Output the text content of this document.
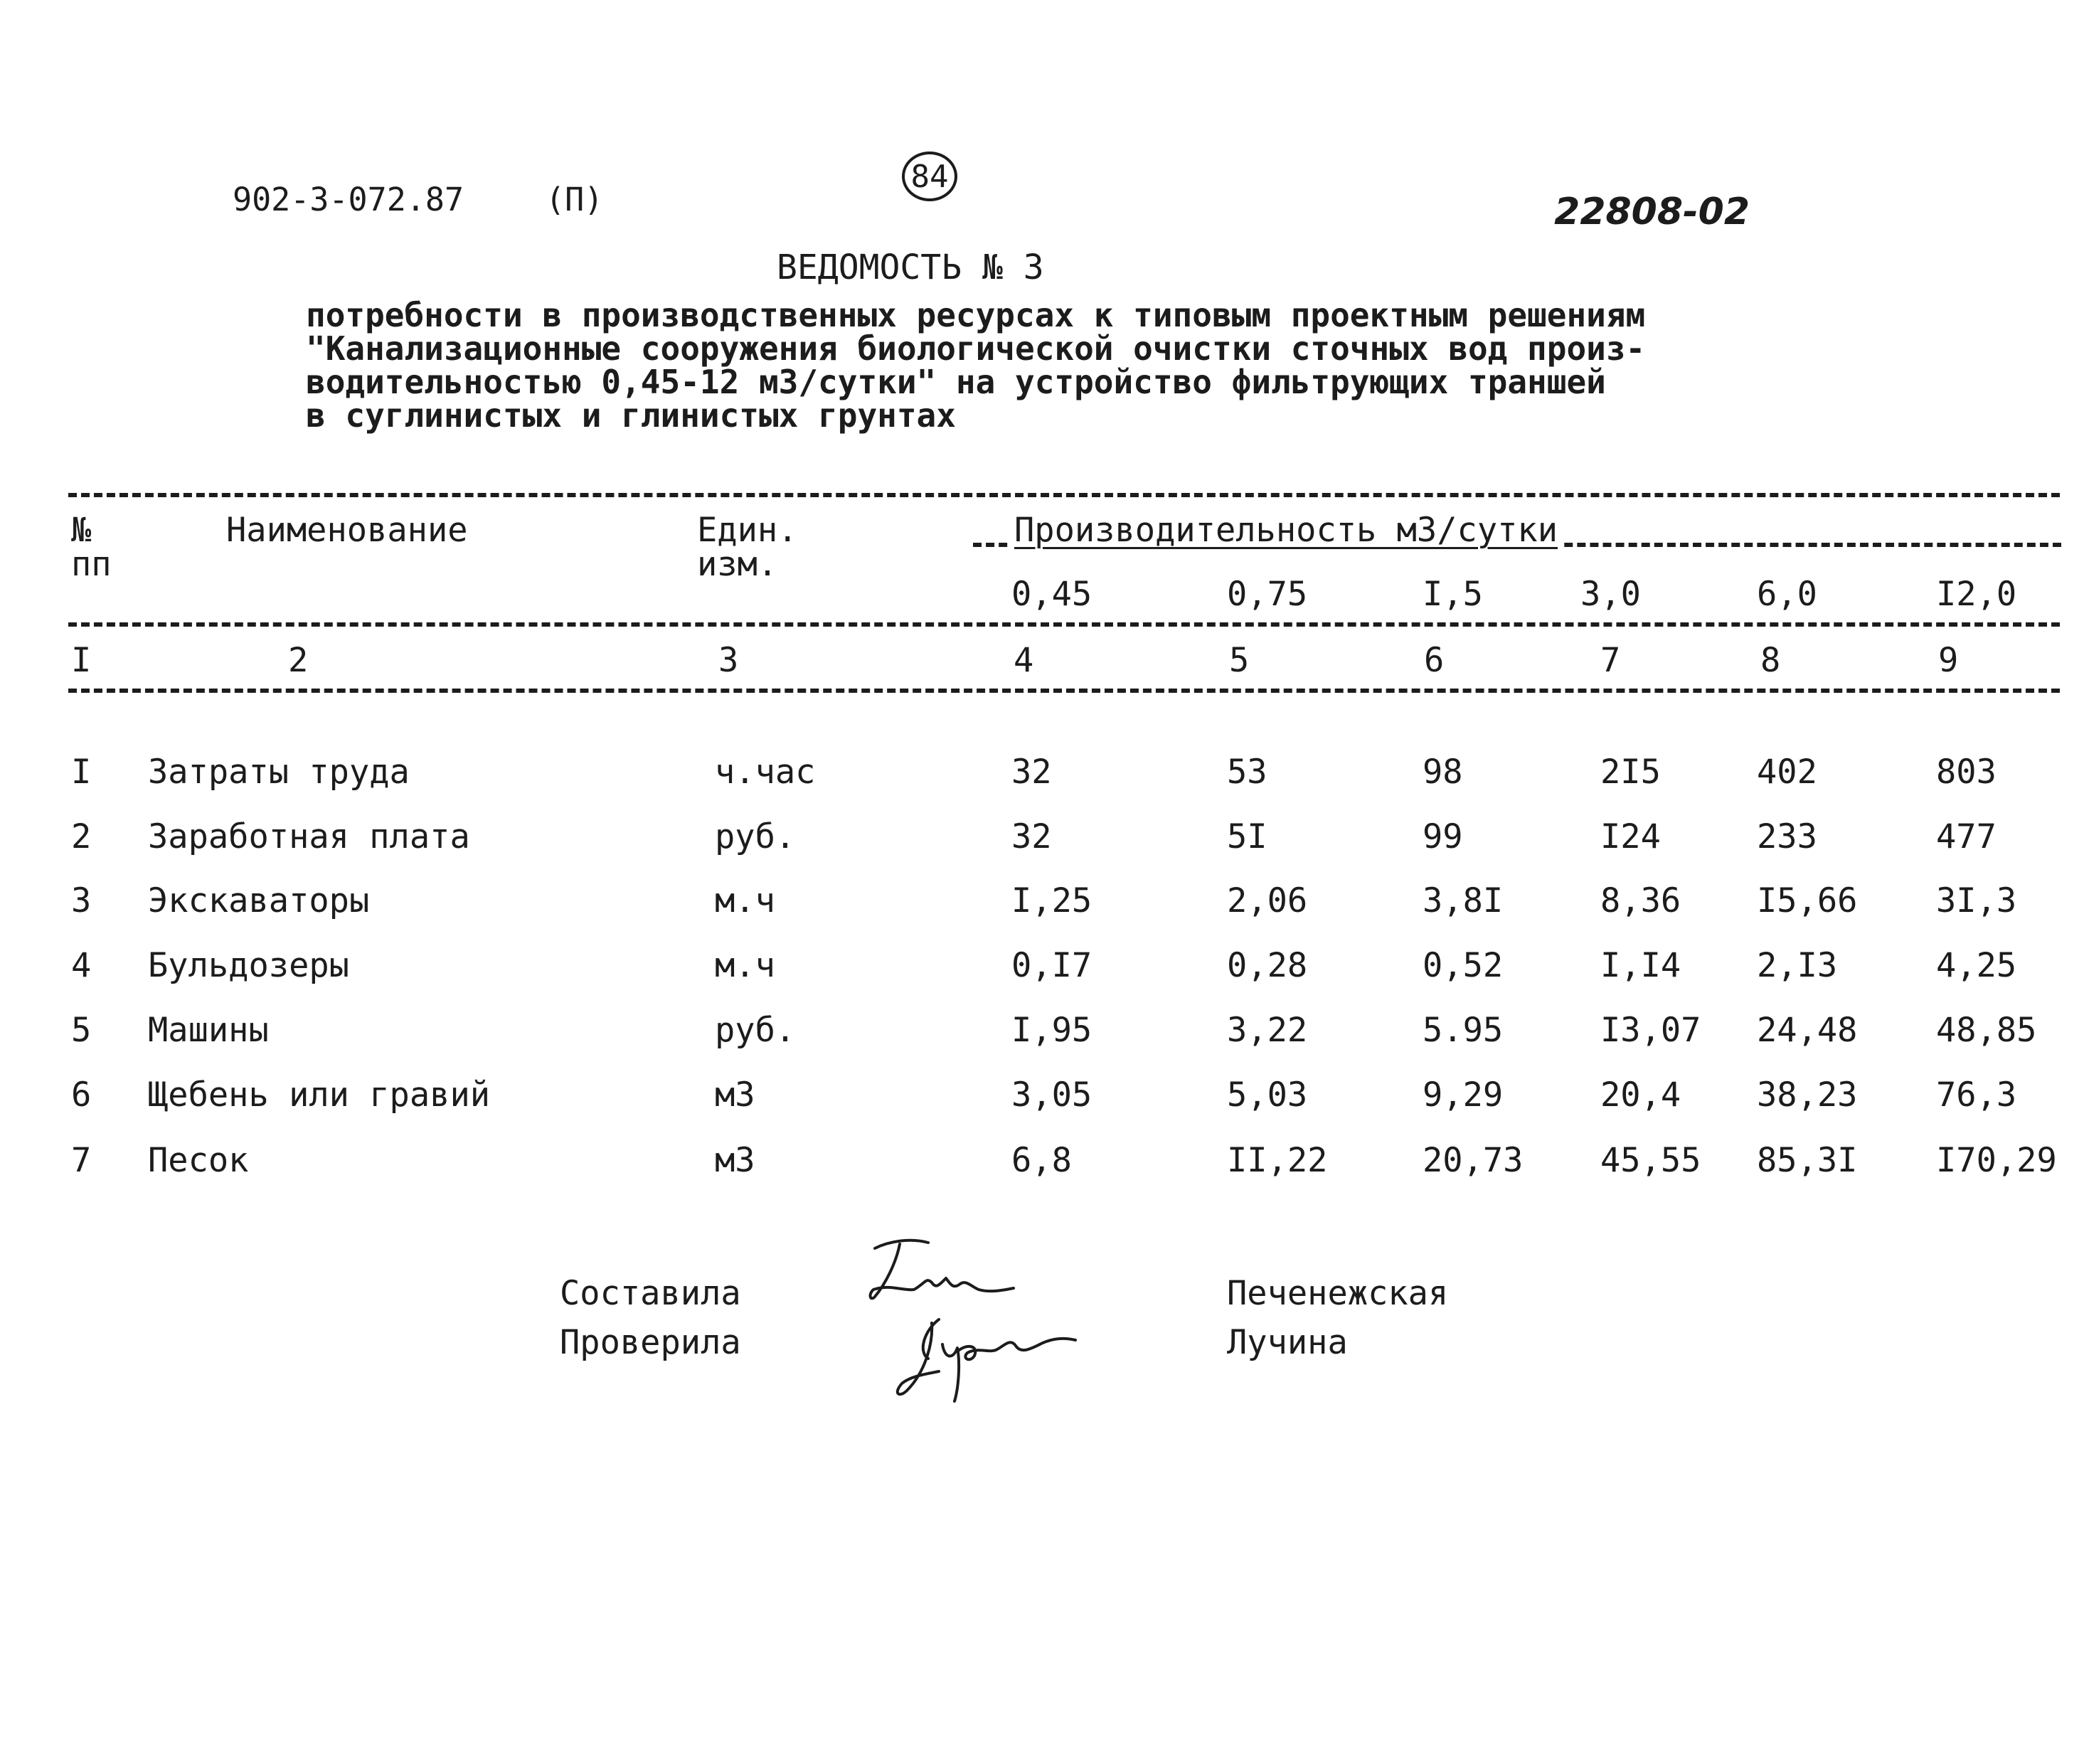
902-3-072.87	(П)
84
22808-02
ВЕДОМОСТЬ № 3
потребности в производственных ресурсах к типовым проектным решениям
"Канализационные сооружения биологической очистки сточных вод произ-
водительностью 0,45-12 м3/сутки" на устройство фильтрующих траншей
в суглинистых и глинистых грунтах
№
пп
Наименование	Един.
изм.
Производительность м3/сутки
0,45	0,75	I,5	3,0	6,0	I2,0
I	2	3	4	5	6	7	8	9
I Затраты труда	ч.час	32	53	98	2I5	402	803
2 Заработная плата	руб.	32	5I	99	I24	233	477
3 Экскаваторы	м.ч	I,25	2,06	3,8I	8,36 I5,66 3I,3
4 Бульдозеры	м.ч	0,I7	0,28	0,52	I,I4 2,I3	4,25
5 Машины	руб.	I,95	3,22	5.95	I3,07 24,48 48,85
6 Щебень или гравий	м3	3,05	5,03	9,29	20,4 38,23 76,3
7 Песок	м3	6,8	II,22	20,73 45,55 85,3I I70,29
Составила
Проверила
Печенежская
Лучина
